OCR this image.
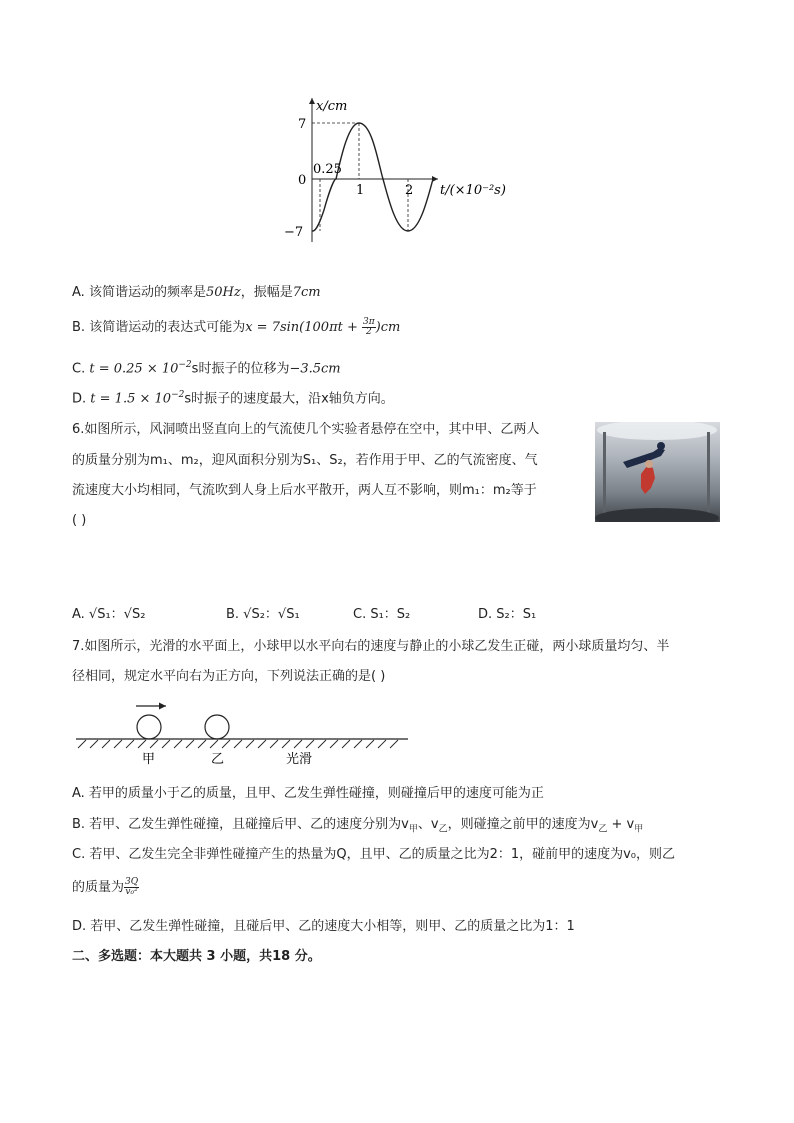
x/cm
7
0
−7
0.25
1	2 t/(×10⁻²s)
A. 该简谐运动的频率是50Hz，振幅是7cm
B. 该简谐运动的表达式可能为$x = 7\sin(100\pi t + \frac{3\pi}{2} )cm$
C. $t = 0.25 \times 10^{-2}s$时振子的位移为−3.5cm
D. $t = 1.5 \times 10^{-2}s$时振子的速度最大，沿x轴负方向。
6.如图所示，风洞喷出竖直向上的气流使几个实验者悬停在空中，其中甲、乙两人
的质量分别为m₁、m₂，迎风面积分别为S₁、S₂，若作用于甲、乙的气流密度、气
流速度大小均相同，气流吹到人身上后水平散开，两人互不影响，则m₁：m₂等于
( )
A. √S₁：√S₂	B. √S₂：√S₁	C. S₁：S₂	D. S₂：S₁
7.如图所示，光滑的水平面上，小球甲以水平向右的速度与静止的小球乙发生正碰，两小球质量均匀、半
径相同，规定水平向右为正方向，下列说法正确的是( )
甲	乙	光滑
A. 若甲的质量小于乙的质量，且甲、乙发生弹性碰撞，则碰撞后甲的速度可能为正
B. 若甲、乙发生弹性碰撞，且碰撞后甲、乙的速度分别为$v_甲$、$v_乙$，则碰撞之前甲的速度为$v_乙 + v_甲$
C. 若甲、乙发生完全非弹性碰撞产生的热量为Q，且甲、乙的质量之比为2：1，碰前甲的速度为v₀，则乙
的质量为 $\frac{3Q}{\text{v₀²}}$
D. 若甲、乙发生弹性碰撞，且碰后甲、乙的速度大小相等，则甲、乙的质量之比为1：1
二、多选题：本大题共 3 小题，共18 分。
